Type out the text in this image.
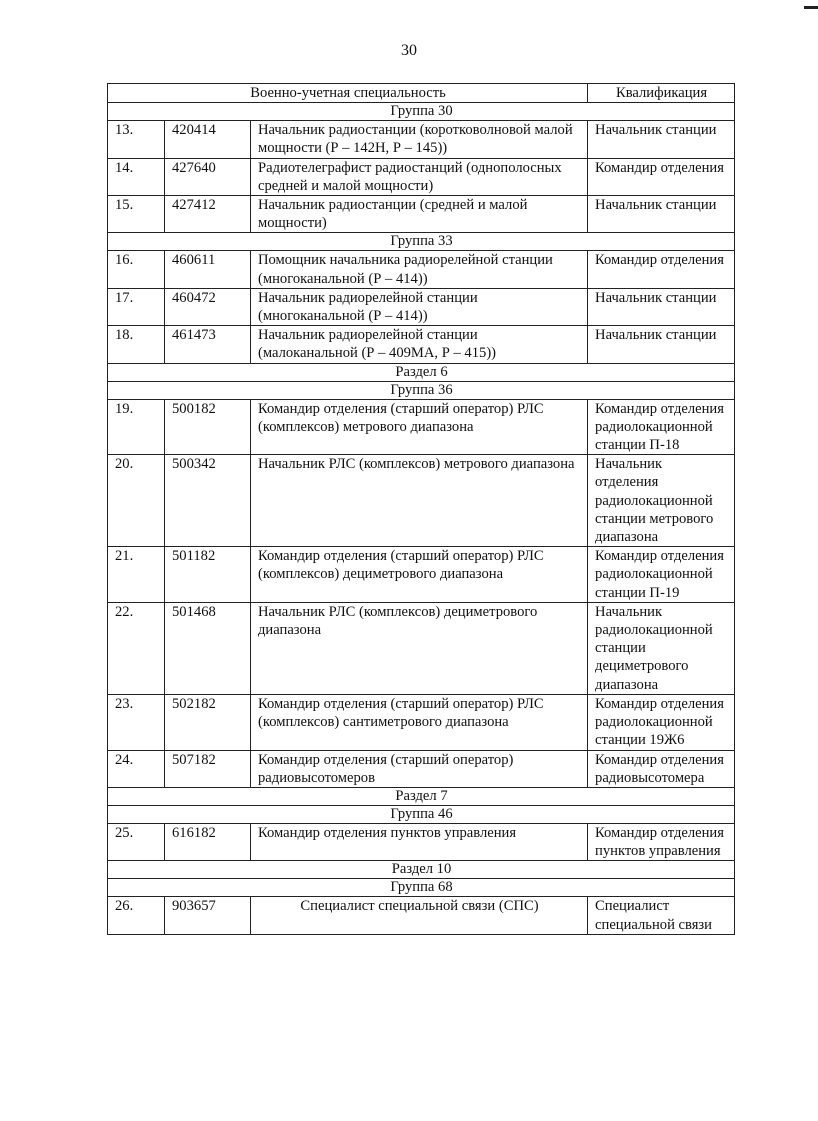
30
Военно-учетная специальность			Квалификация
Группа 30			
13.	420414	Начальник радиостанции (коротковолновой малой мощности (Р – 142Н, Р – 145))	Начальник станции
14.	427640	Радиотелеграфист радиостанций (однополосных средней и малой мощности)	Командир отделения
15.	427412	Начальник радиостанции (средней и малой мощности)	Начальник станции
Группа 33			
16.	460611	Помощник начальника радиорелейной станции (многоканальной (Р – 414))	Командир отделения
17.	460472	Начальник радиорелейной станции (многоканальной (Р – 414))	Начальник станции
18.	461473	Начальник радиорелейной станции (малоканальной (Р – 409МА, Р – 415))	Начальник станции
Раздел 6			
Группа 36			
19.	500182	Командир отделения (старший оператор) РЛС (комплексов) метрового диапазона	Командир отделения радиолокационной станции П-18
20.	500342	Начальник РЛС (комплексов) метрового диапазона	Начальник отделения радиолокационной станции метрового диапазона
21.	501182	Командир отделения (старший оператор) РЛС (комплексов) дециметрового диапазона	Командир отделения радиолокационной станции П-19
22.	501468	Начальник РЛС (комплексов) дециметрового диапазона	Начальник радиолокационной станции дециметрового диапазона
23.	502182	Командир отделения (старший оператор) РЛС (комплексов) сантиметрового диапазона	Командир отделения радиолокационной станции 19Ж6
24.	507182	Командир отделения (старший оператор) радиовысотомеров	Командир отделения радиовысотомера
Раздел 7			
Группа 46			
25.	616182	Командир отделения пунктов управления	Командир отделения пунктов управления
Раздел 10			
Группа 68			
26.	903657	Специалист специальной связи (СПС)	Специалист специальной связи
